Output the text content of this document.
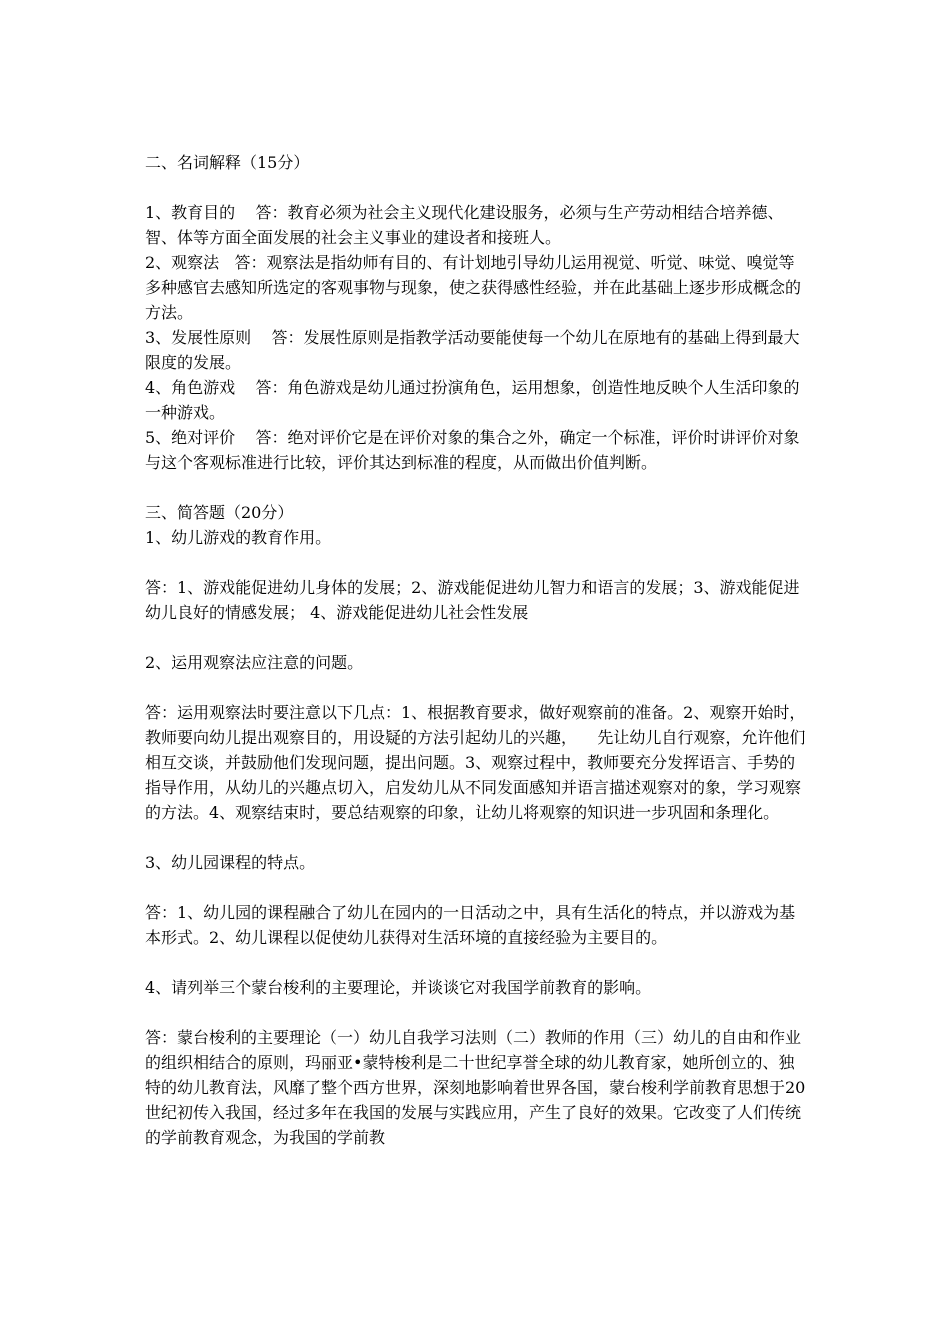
二、名词解释（15分）
1、教育目的    答：教育必须为社会主义现代化建设服务，必须与生产劳动相结合培养德、智、体等方面全面发展的社会主义事业的建设者和接班人。
2、观察法   答：观察法是指幼师有目的、有计划地引导幼儿运用视觉、听觉、味觉、嗅觉等多种感官去感知所选定的客观事物与现象，使之获得感性经验，并在此基础上逐步形成概念的方法。
3、发展性原则    答：发展性原则是指教学活动要能使每一个幼儿在原地有的基础上得到最大限度的发展。
4、角色游戏    答：角色游戏是幼儿通过扮演角色，运用想象，创造性地反映个人生活印象的一种游戏。
5、绝对评价    答：绝对评价它是在评价对象的集合之外，确定一个标准，评价时讲评价对象与这个客观标准进行比较，评价其达到标准的程度，从而做出价值判断。
三、简答题（20分）
1、幼儿游戏的教育作用。
答：1、游戏能促进幼儿身体的发展；2、游戏能促进幼儿智力和语言的发展；3、游戏能促进幼儿良好的情感发展； 4、游戏能促进幼儿社会性发展
2、运用观察法应注意的问题。
答：运用观察法时要注意以下几点：1、根据教育要求，做好观察前的准备。2、观察开始时，教师要向幼儿提出观察目的，用设疑的方法引起幼儿的兴趣，    先让幼儿自行观察，允许他们相互交谈，并鼓励他们发现问题，提出问题。3、观察过程中，教师要充分发挥语言、手势的指导作用，从幼儿的兴趣点切入，启发幼儿从不同发面感知并语言描述观察对的象，学习观察的方法。4、观察结束时，要总结观察的印象，让幼儿将观察的知识进一步巩固和条理化。
3、幼儿园课程的特点。
答：1、幼儿园的课程融合了幼儿在园内的一日活动之中，具有生活化的特点，并以游戏为基本形式。2、幼儿课程以促使幼儿获得对生活环境的直接经验为主要目的。
4、请列举三个蒙台梭利的主要理论，并谈谈它对我国学前教育的影响。
答：蒙台梭利的主要理论（一）幼儿自我学习法则（二）教师的作用（三）幼儿的自由和作业的组织相结合的原则，玛丽亚•蒙特梭利是二十世纪享誉全球的幼儿教育家，她所创立的、独特的幼儿教育法，风靡了整个西方世界，深刻地影响着世界各国，蒙台梭利学前教育思想于20世纪初传入我国，经过多年在我国的发展与实践应用，产生了良好的效果。它改变了人们传统的学前教育观念，为我国的学前教
